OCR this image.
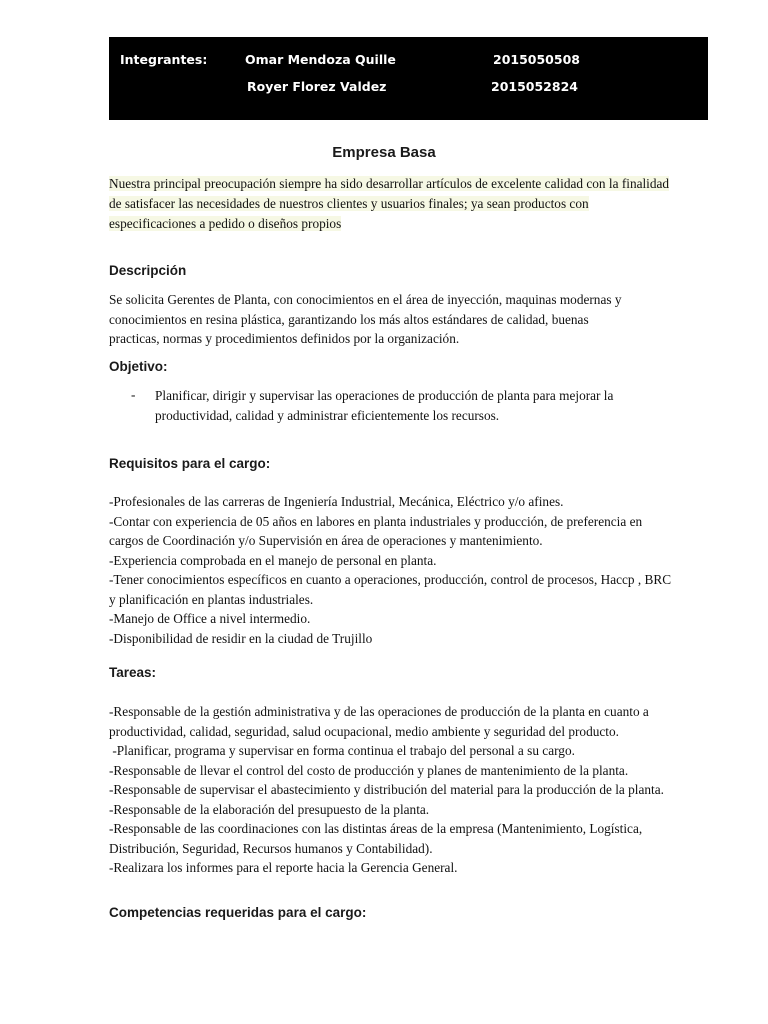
Integrantes:	Omar Mendoza Quille	2015050508
Royer Florez Valdez	2015052824
Empresa Basa
Nuestra principal preocupación siempre ha sido desarrollar artículos de excelente calidad con la finalidad
de satisfacer las necesidades de nuestros clientes y usuarios finales; ya sean productos con
especificaciones a pedido o diseños propios
Descripción
Se solicita Gerentes de Planta, con conocimientos en el área de inyección, maquinas modernas y
conocimientos en resina plástica, garantizando los más altos estándares de calidad, buenas
practicas, normas y procedimientos definidos por la organización.
Objetivo:
- Planificar, dirigir y supervisar las operaciones de producción de planta para mejorar la
productividad, calidad y administrar eficientemente los recursos.
Requisitos para el cargo:
-Profesionales de las carreras de Ingeniería Industrial, Mecánica, Eléctrico y/o afines.
-Contar con experiencia de 05 años en labores en planta industriales y producción, de preferencia en
cargos de Coordinación y/o Supervisión en área de operaciones y mantenimiento.
-Experiencia comprobada en el manejo de personal en planta.
-Tener conocimientos específicos en cuanto a operaciones, producción, control de procesos, Haccp , BRC
y planificación en plantas industriales.
-Manejo de Office a nivel intermedio.
-Disponibilidad de residir en la ciudad de Trujillo
Tareas:
-Responsable de la gestión administrativa y de las operaciones de producción de la planta en cuanto a
productividad, calidad, seguridad, salud ocupacional, medio ambiente y seguridad del producto.
-Planificar, programa y supervisar en forma continua el trabajo del personal a su cargo.
-Responsable de llevar el control del costo de producción y planes de mantenimiento de la planta.
-Responsable de supervisar el abastecimiento y distribución del material para la producción de la planta.
-Responsable de la elaboración del presupuesto de la planta.
-Responsable de las coordinaciones con las distintas áreas de la empresa (Mantenimiento, Logística,
Distribución, Seguridad, Recursos humanos y Contabilidad).
-Realizara los informes para el reporte hacia la Gerencia General.
Competencias requeridas para el cargo:
